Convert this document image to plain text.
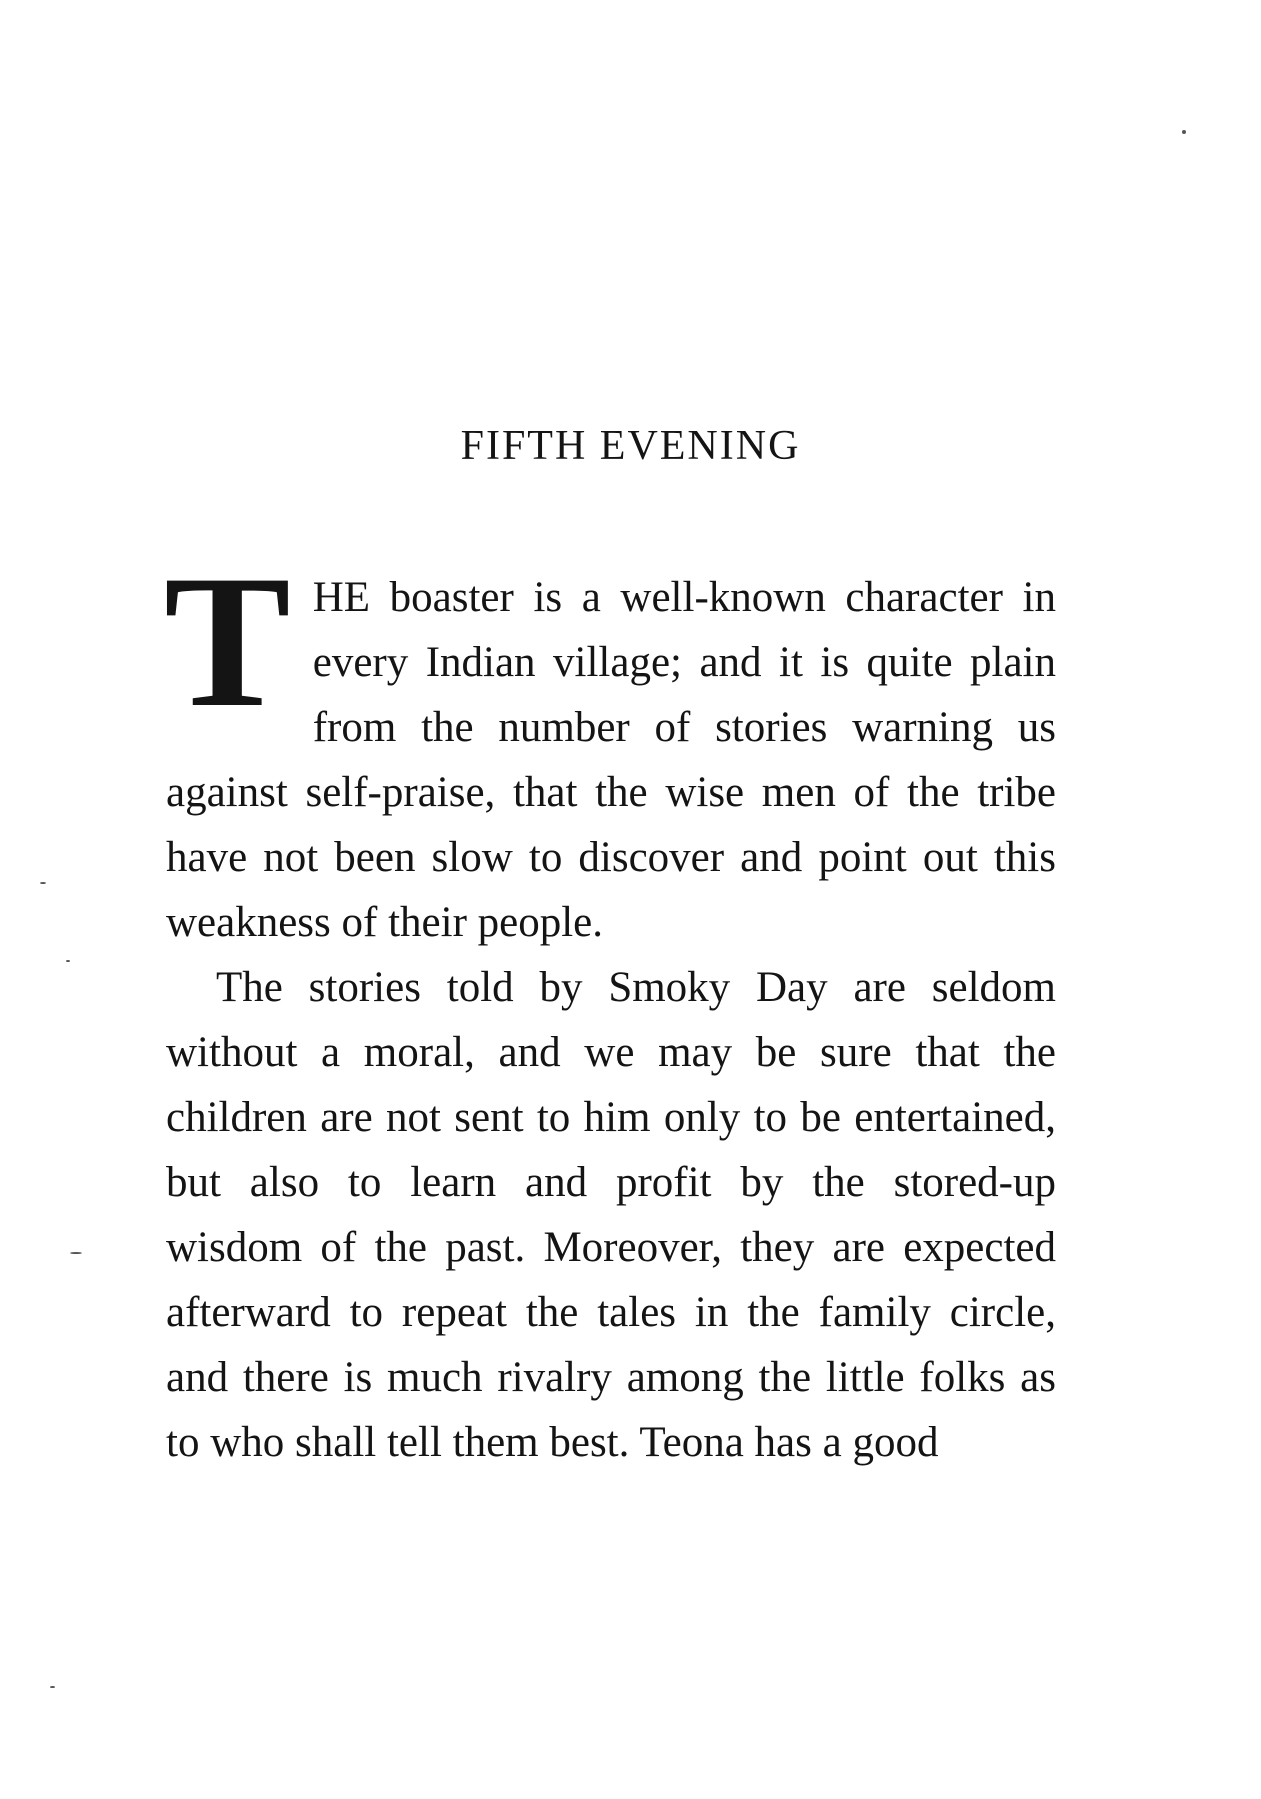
FIFTH EVENING

THE boaster is a well-known character in every Indian village; and it is quite plain from the number of stories warning us against self-praise, that the wise men of the tribe have not been slow to discover and point out this weakness of their people.

The stories told by Smoky Day are seldom without a moral, and we may be sure that the children are not sent to him only to be entertained, but also to learn and profit by the stored-up wisdom of the past. Moreover, they are expected afterward to repeat the tales in the family circle, and there is much rivalry among the little folks as to who shall tell them best. Teona has a good
